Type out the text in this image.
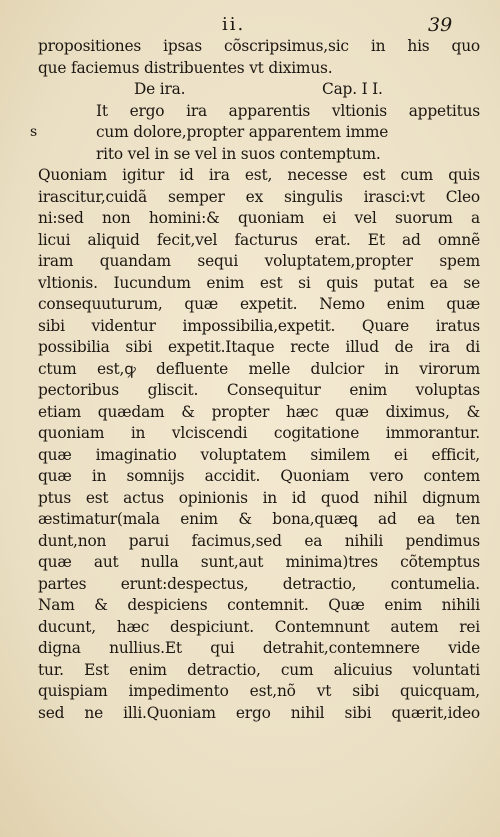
ii.	39
propositiones ipsas cõscripsimus,sic in his quo
que faciemus distribuentes vt diximus.
De ira.	Cap. I I.
It ergo ira apparentis vltionis appetitus
s	cum dolore,propter apparentem imme
rito vel in se vel in suos contemptum.
Quoniam igitur id ira est, necesse est cum quis
irascitur,cuidã semper ex singulis irasci:vt Cleo
ni:sed non homini:& quoniam ei vel suorum a
licui aliquid fecit,vel facturus erat. Et ad omnẽ
iram quandam sequi voluptatem,propter spem
vltionis. Iucundum enim est si quis putat ea se
consequuturum, quæ expetit. Nemo enim quæ
sibi videntur impossibilia,expetit. Quare iratus
possibilia sibi expetit.Itaque recte illud de ira di
ctum est,ꝙ defluente melle dulcior in virorum
pectoribus gliscit. Consequitur enim voluptas
etiam quædam & propter hæc quæ diximus, &
quoniam in vlciscendi cogitatione immorantur.
quæ imaginatio voluptatem similem ei efficit,
quæ in somnijs accidit. Quoniam vero contem
ptus est actus opinionis in id quod nihil dignum
æstimatur(mala enim & bona,quæꝗ ad ea ten
dunt,non parui facimus,sed ea nihili pendimus
quæ aut nulla sunt,aut minima)tres cõtemptus
partes erunt:despectus, detractio, contumelia.
Nam & despiciens contemnit. Quæ enim nihili
ducunt, hæc despiciunt. Contemnunt autem rei
digna nullius.Et qui detrahit,contemnere vide
tur. Est enim detractio, cum alicuius voluntati
quispiam impedimento est,nõ vt sibi quicquam,
sed ne illi.Quoniam ergo nihil sibi quærit,ideo
